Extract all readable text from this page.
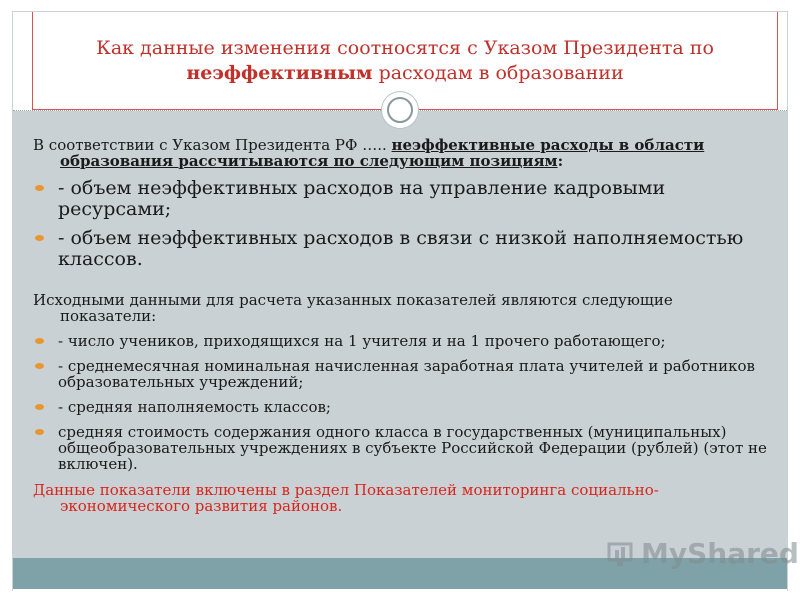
Как данные изменения соотносятся с Указом Президента по
неэффективным расходам в образовании

В соответствии с Указом Президента РФ ….. неэффективные расходы в области образования рассчитываются по следующим позициям:

- объем неэффективных расходов на управление кадровыми ресурсами;

- объем неэффективных расходов в связи с низкой наполняемостью классов.

Исходными данными для расчета указанных показателей являются следующие показатели:

- число учеников, приходящихся на 1 учителя и на 1 прочего работающего;

- среднемесячная номинальная начисленная заработная плата учителей и работников образовательных учреждений;

- средняя наполняемость классов;

средняя стоимость содержания одного класса в государственных (муниципальных) общеобразовательных учреждениях в субъекте Российской Федерации (рублей) (этот не включен).

Данные показатели включены в раздел Показателей мониторинга социально-экономического развития районов.

MyShared
